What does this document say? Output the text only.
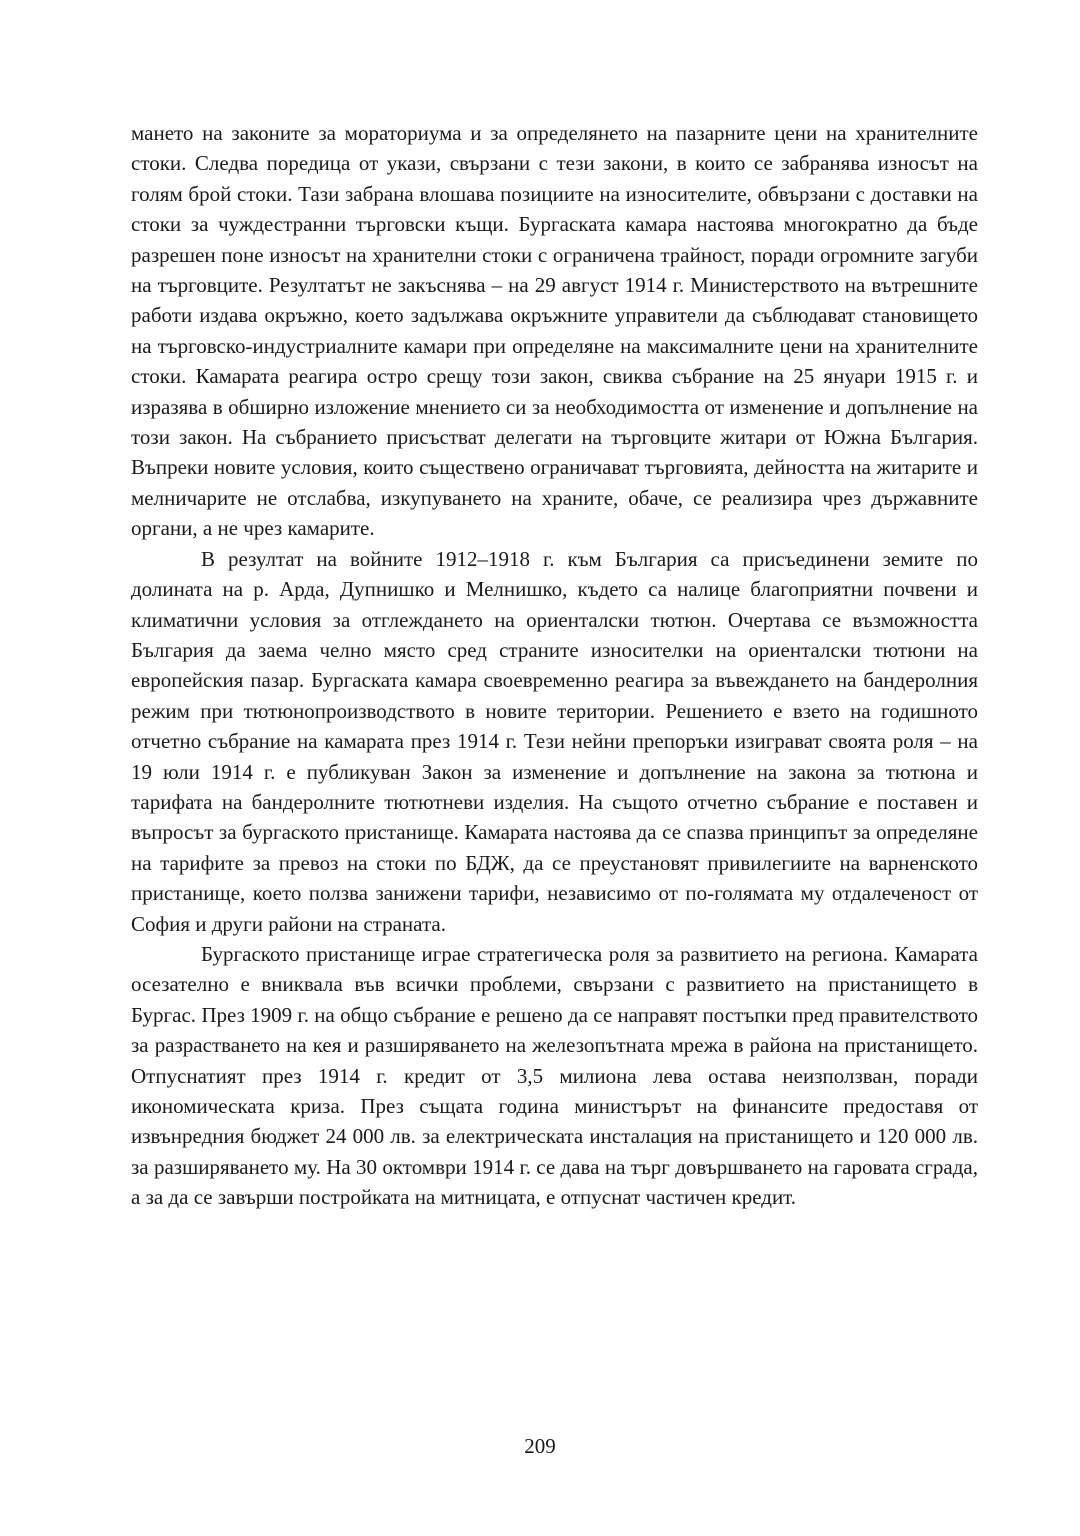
мането на законите за мораториума и за определянето на пазарните цени на хранителните стоки. Следва поредица от укази, свързани с тези закони, в които се забранява износът на голям брой стоки. Тази забрана влошава позициите на износителите, обвързани с доставки на стоки за чуждестранни търговски къщи. Бургаската камара настоява многократно да бъде разрешен поне износът на хранителни стоки с ограничена трайност, поради огромните загуби на търговците. Резултатът не закъснява – на 29 август 1914 г. Министерството на вътрешните работи издава окръжно, което задължава окръжните управители да съблюдават становището на търговско-индустриалните камари при определяне на максималните цени на хранителните стоки. Камарата реагира остро срещу този закон, свиква събрание на 25 януари 1915 г. и изразява в обширно изложение мнението си за необходимостта от изменение и допълнение на този закон. На събранието присъстват делегати на търговците житари от Южна България. Въпреки новите условия, които съществено ограничават търговията, дейността на житарите и мелничарите не отслабва, изкупуването на храните, обаче, се реализира чрез държавните органи, а не чрез камарите.

В резултат на войните 1912–1918 г. към България са присъединени земите по долината на р. Арда, Дупнишко и Мелнишко, където са налице благоприятни почвени и климатични условия за отглеждането на ориенталски тютюн. Очертава се възможността България да заема челно място сред страните износителки на ориенталски тютюни на европейския пазар. Бургаската камара своевременно реагира за въвеждането на бандеролния режим при тютюнопроизводството в новите територии. Решението е взето на годишното отчетно събрание на камарата през 1914 г. Тези нейни препоръки изиграват своята роля – на 19 юли 1914 г. е публикуван Закон за изменение и допълнение на закона за тютюна и тарифата на бандеролните тютютневи изделия. На същото отчетно събрание е поставен и въпросът за бургаското пристанище. Камарата настоява да се спазва принципът за определяне на тарифите за превоз на стоки по БДЖ, да се преустановят привилегиите на варненското пристанище, което ползва занижени тарифи, независимо от по-голямата му отдалеченост от София и други райони на страната.

Бургаското пристанище играе стратегическа роля за развитието на региона. Камарата осезателно е вниквала във всички проблеми, свързани с развитието на пристанището в Бургас. През 1909 г. на общо събрание е решено да се направят постъпки пред правителството за разрастването на кея и разширяването на железопътната мрежа в района на пристанището. Отпуснатият през 1914 г. кредит от 3,5 милиона лева остава неизползван, поради икономическата криза. През същата година министърът на финансите предоставя от извънредния бюджет 24 000 лв. за електрическата инсталация на пристанището и 120 000 лв. за разширяването му. На 30 октомври 1914 г. се дава на търг довършването на гаровата сграда, а за да се завърши постройката на митницата, е отпуснат частичен кредит.

209
